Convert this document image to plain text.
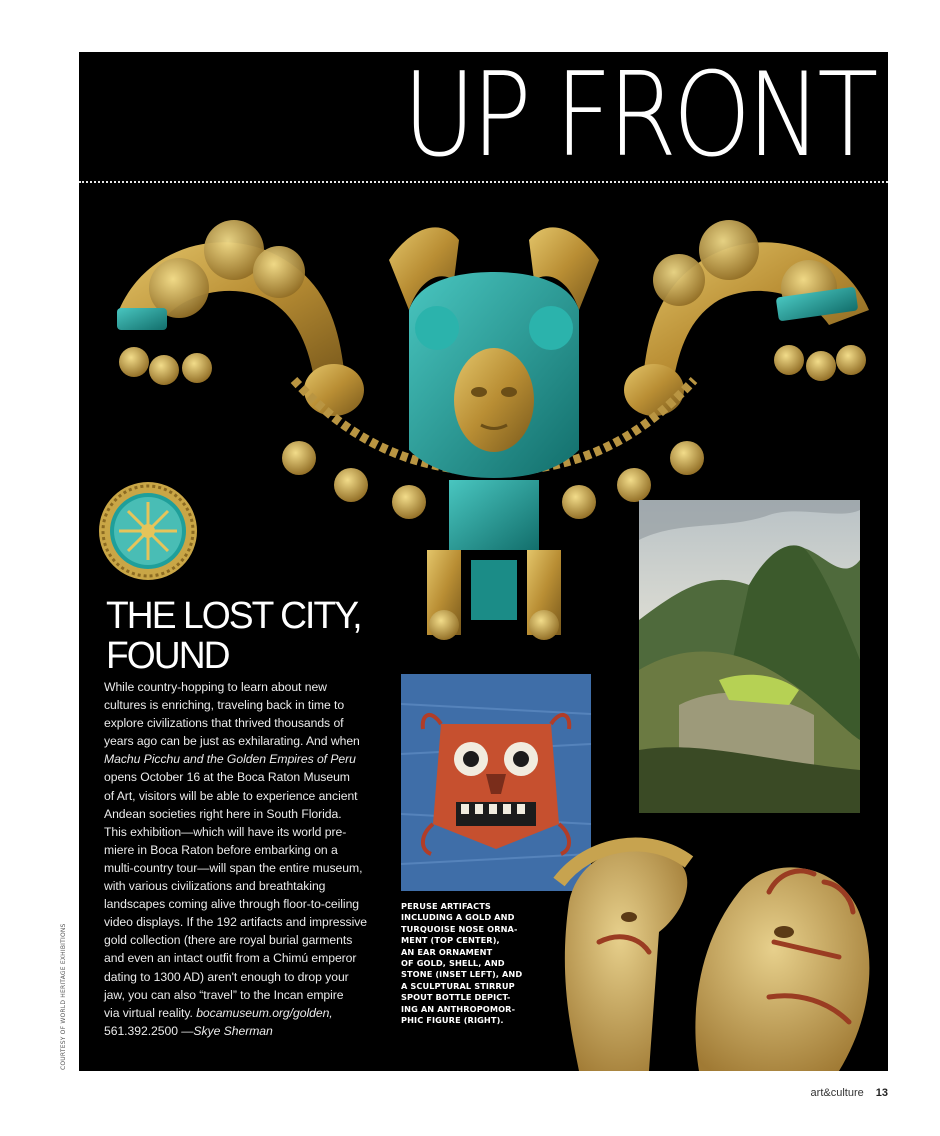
UP FRONT
THE LOST CITY,
FOUND
While country-hopping to learn about new
cultures is enriching, traveling back in time to
explore civilizations that thrived thousands of
years ago can be just as exhilarating. And when
Machu Picchu and the Golden Empires of Peru
opens October 16 at the Boca Raton Museum
of Art, visitors will be able to experience ancient
Andean societies right here in South Florida.
This exhibition—which will have its world pre-
miere in Boca Raton before embarking on a
multi-country tour—will span the entire museum,
with various civilizations and breathtaking
landscapes coming alive through floor-to-ceiling
video displays. If the 192 artifacts and impressive
gold collection (there are royal burial garments
and even an intact outfit from a Chimú emperor
dating to 1300 AD) aren't enough to drop your
jaw, you can also “travel” to the Incan empire
via virtual reality. bocamuseum.org/golden,
561.392.2500 —Skye Sherman
PERUSE ARTIFACTS
INCLUDING A GOLD AND
TURQUOISE NOSE ORNA-
MENT (TOP CENTER),
AN EAR ORNAMENT
OF GOLD, SHELL, AND
STONE (INSET LEFT), AND
A SCULPTURAL STIRRUP
SPOUT BOTTLE DEPICT-
ING AN ANTHROPOMOR-
PHIC FIGURE (RIGHT).
COURTESY OF WORLD HERITAGE EXHIBITIONS
art&culture 13
